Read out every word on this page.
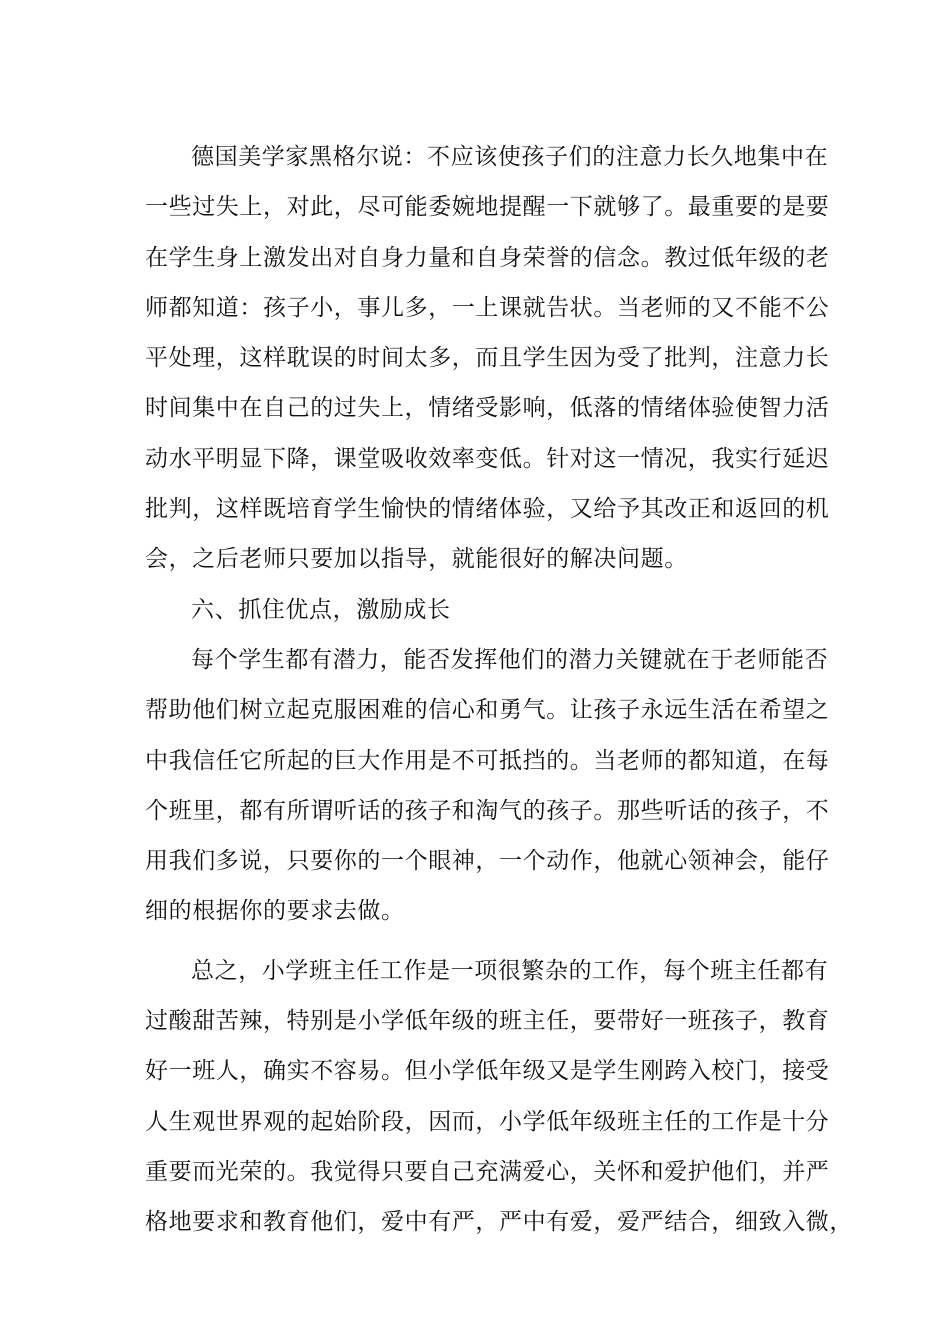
德国美学家黑格尔说：不应该使孩子们的注意力长久地集中在
一些过失上，对此，尽可能委婉地提醒一下就够了。最重要的是要
在学生身上激发出对自身力量和自身荣誉的信念。教过低年级的老
师都知道：孩子小，事儿多，一上课就告状。当老师的又不能不公
平处理，这样耽误的时间太多，而且学生因为受了批判，注意力长
时间集中在自己的过失上，情绪受影响，低落的情绪体验使智力活
动水平明显下降，课堂吸收效率变低。针对这一情况，我实行延迟
批判，这样既培育学生愉快的情绪体验，又给予其改正和返回的机
会，之后老师只要加以指导，就能很好的解决问题。
六、抓住优点，激励成长
每个学生都有潜力，能否发挥他们的潜力关键就在于老师能否
帮助他们树立起克服困难的信心和勇气。让孩子永远生活在希望之
中我信任它所起的巨大作用是不可抵挡的。当老师的都知道，在每
个班里，都有所谓听话的孩子和淘气的孩子。那些听话的孩子，不
用我们多说，只要你的一个眼神，一个动作，他就心领神会，能仔
细的根据你的要求去做。
总之，小学班主任工作是一项很繁杂的工作，每个班主任都有
过酸甜苦辣，特别是小学低年级的班主任，要带好一班孩子，教育
好一班人，确实不容易。但小学低年级又是学生刚跨入校门，接受
人生观世界观的起始阶段，因而，小学低年级班主任的工作是十分
重要而光荣的。我觉得只要自己充满爱心，关怀和爱护他们，并严
格地要求和教育他们，爱中有严，严中有爱，爱严结合，细致入微，
